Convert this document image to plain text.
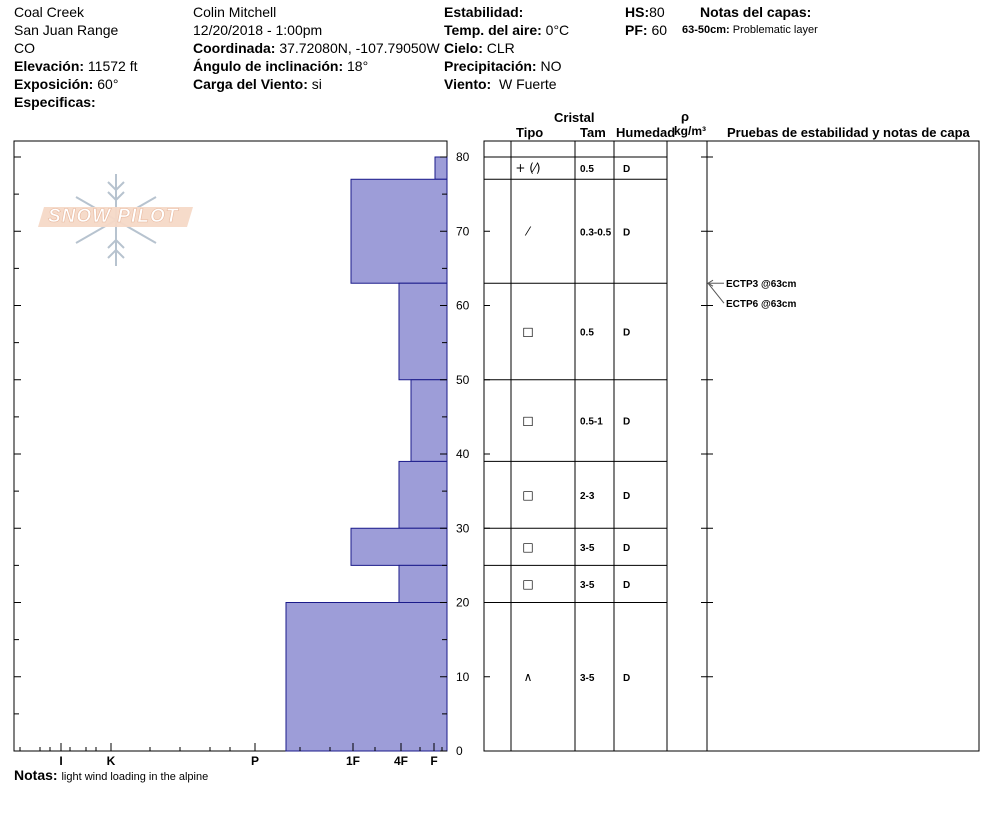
Coal Creek
San Juan Range
CO
Elevación: 11572 ft
Exposición: 60°
Especificas:
Colin Mitchell
12/20/2018 - 1:00pm
Coordinada: 37.72080N, -107.79050W
Ángulo de inclinación: 18°
Carga del Viento: si
Estabilidad:
Temp. del aire: 0°C
Cielo: CLR
Precipitación: NO
Viento: W Fuerte
HS:80
PF: 60
Notas del capas:
63-50cm: Problematic layer
Cristal
Tipo	Tam Humedad
ρ
kg/m³ Pruebas de estabilidad y notas de capa
SNOW PILOT
80
70
60
50
40
30
20
10
0
I	K	P	1F	4F F
+ (⁄)	0.5	D
⁄	0.3-0.5 D
□	0.5	D
□	0.5-1 D
□	2-3	D
□	3-5	D
□	3-5	D
∧	3-5	D
ECTP3 @63cm
ECTP6 @63cm
Notas: light wind loading in the alpine
